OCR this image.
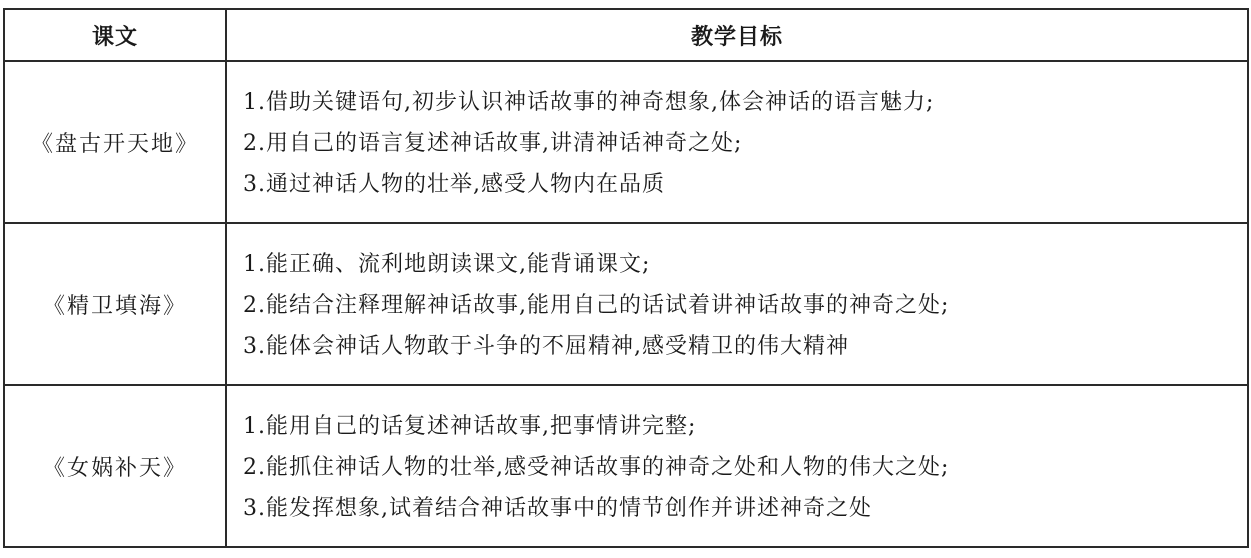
课文	教学目标
《盘古开天地》	1.借助关键语句,初步认识神话故事的神奇想象,体会神话的语言魅力;
2.用自己的语言复述神话故事,讲清神话神奇之处;
3.通过神话人物的壮举,感受人物内在品质

《精卫填海》	1.能正确、流利地朗读课文,能背诵课文;
2.能结合注释理解神话故事,能用自己的话试着讲神话故事的神奇之处;
3.能体会神话人物敢于斗争的不屈精神,感受精卫的伟大精神

《女娲补天》	1.能用自己的话复述神话故事,把事情讲完整;
2.能抓住神话人物的壮举,感受神话故事的神奇之处和人物的伟大之处;
3.能发挥想象,试着结合神话故事中的情节创作并讲述神奇之处
